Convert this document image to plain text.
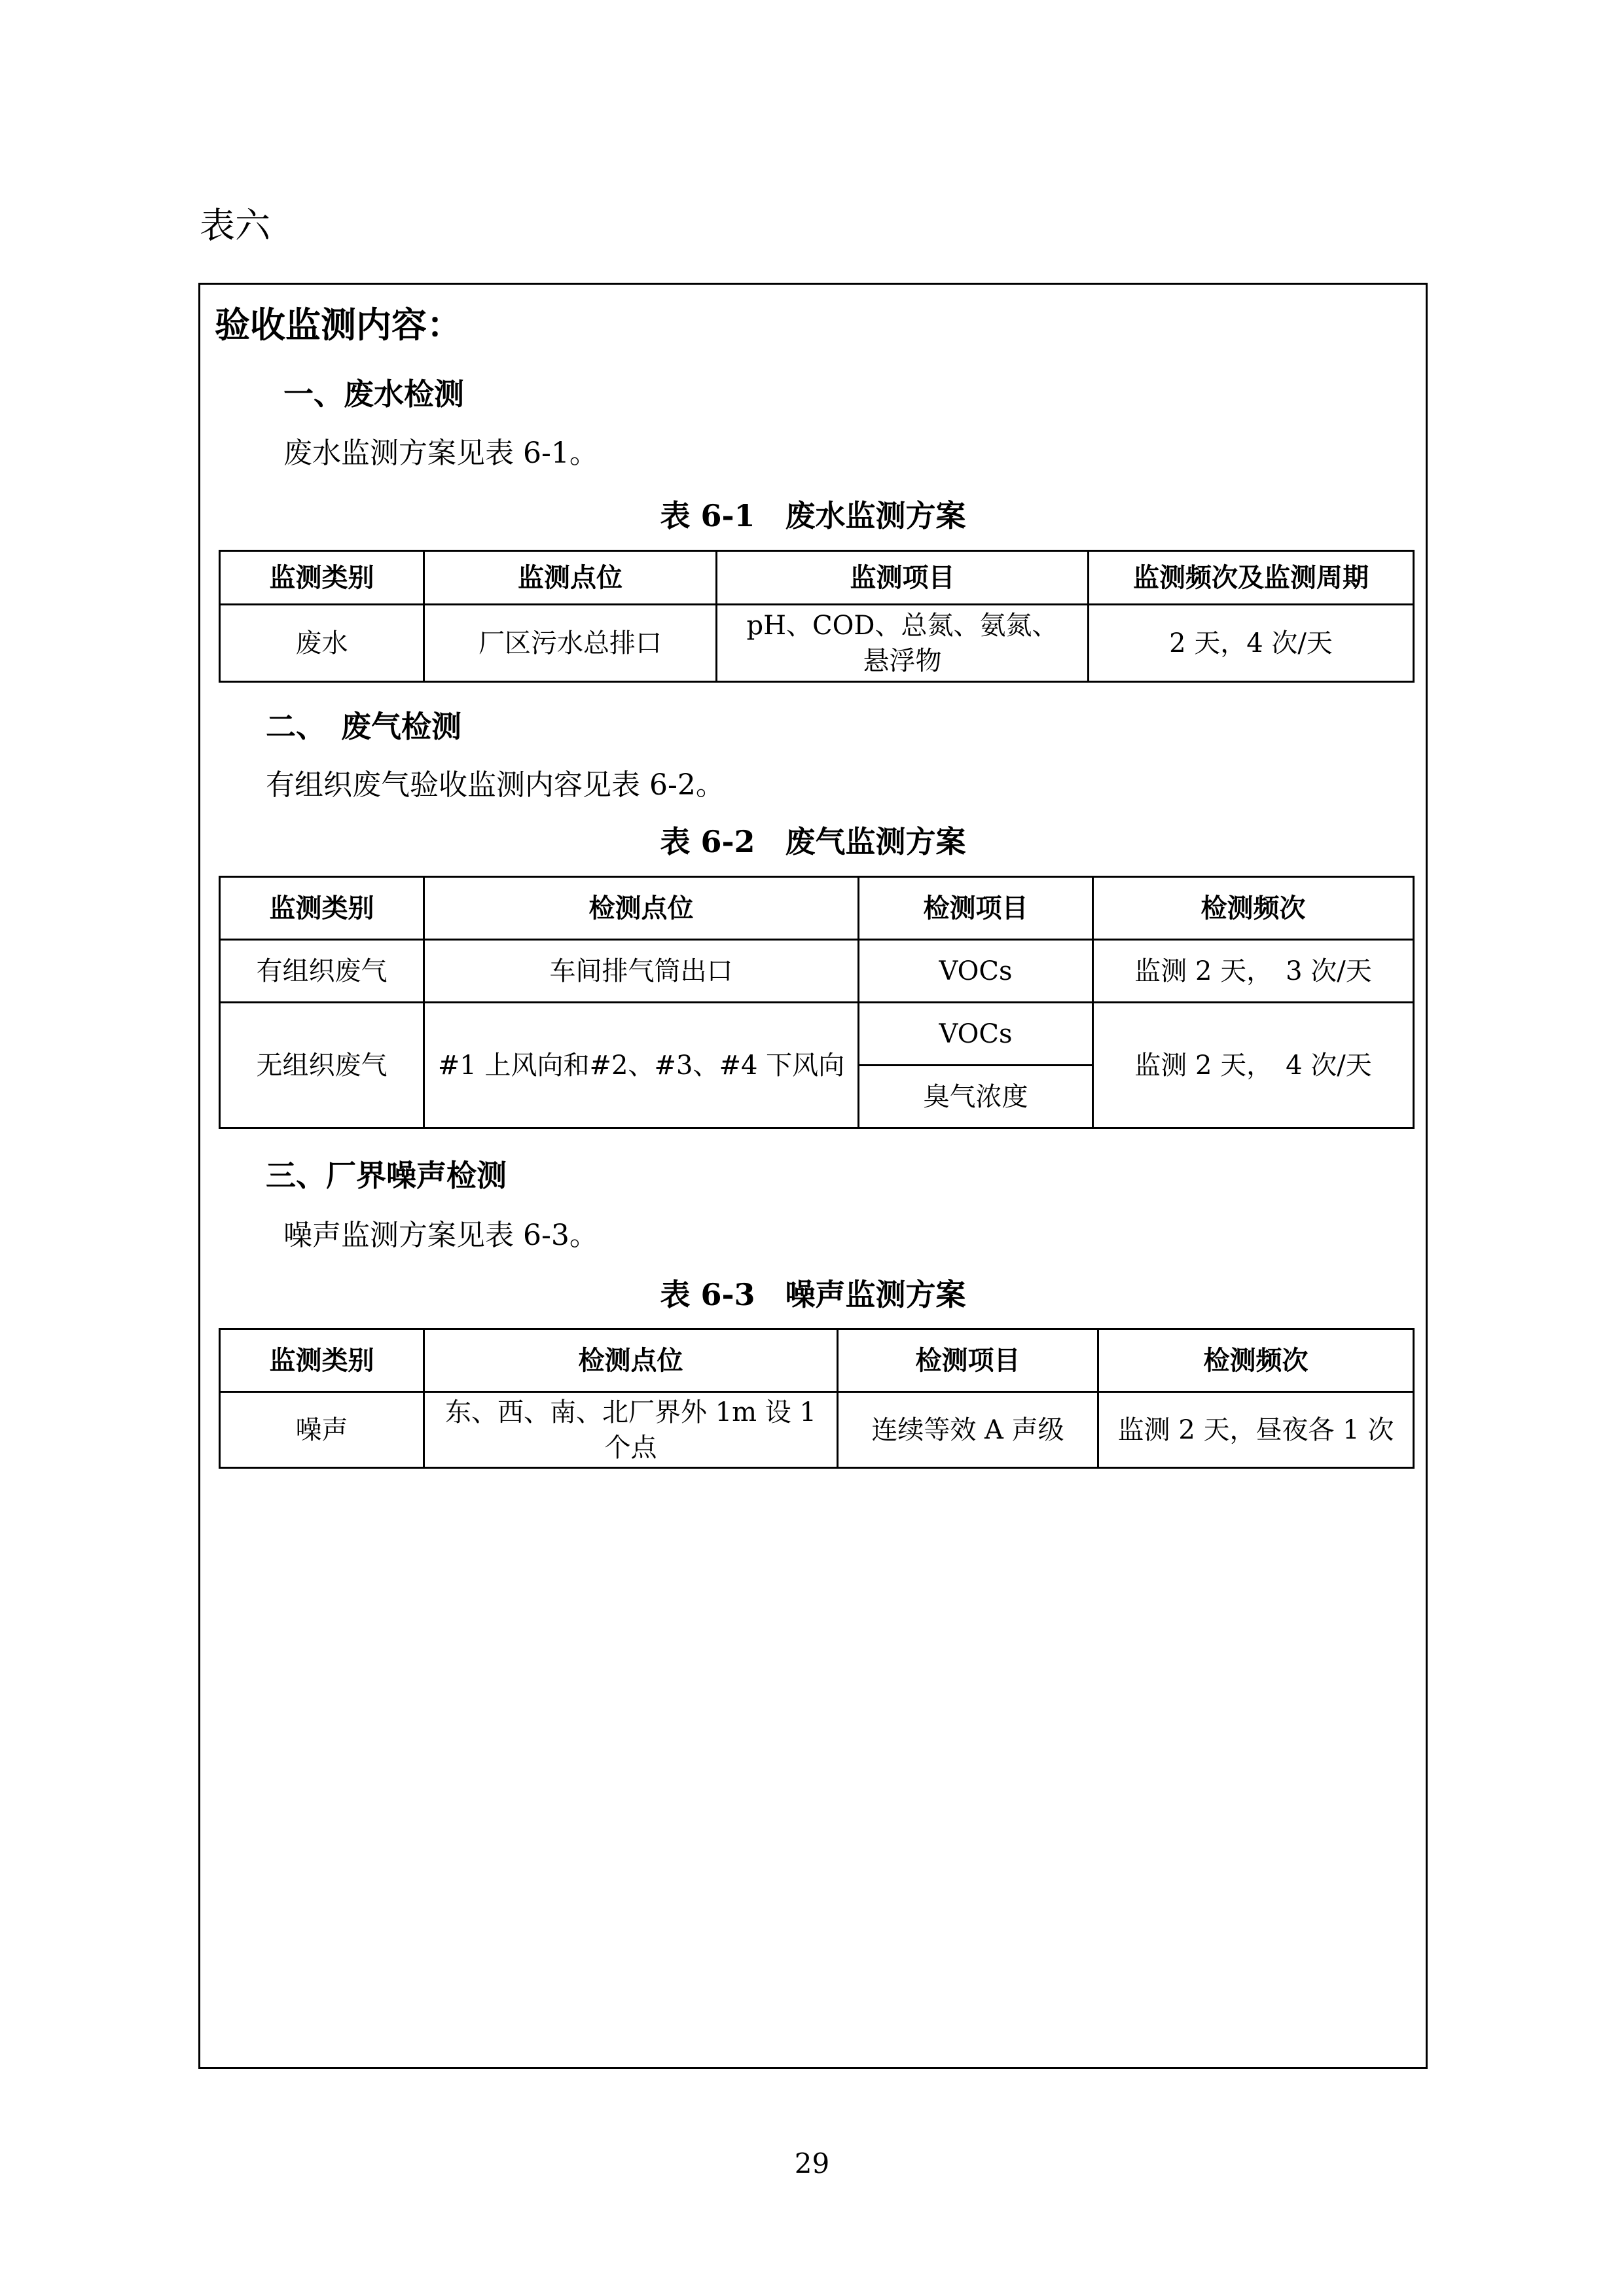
表六
验收监测内容：
一、废水检测
废水监测方案见表 6-1。
表 6-1　废水监测方案
监测类别	监测点位	监测项目	监测频次及监测周期
废水	厂区污水总排口	pH、COD、总氮、氨氮、悬浮物	2 天，4 次/天
二、　废气检测
有组织废气验收监测内容见表 6-2。
表 6-2　废气监测方案
监测类别	检测点位	检测项目	检测频次
有组织废气	车间排气筒出口	VOCs	监测 2 天，　3 次/天
无组织废气	#1 上风向和#2、#3、#4 下风向	VOCs	监测 2 天，　4 次/天
		臭气浓度	
三、厂界噪声检测
噪声监测方案见表 6-3。
表 6-3　噪声监测方案
监测类别	检测点位	检测项目	检测频次
噪声	东、西、南、北厂界外 1m 设 1 个点	连续等效 A 声级	监测 2 天，昼夜各 1 次
29
